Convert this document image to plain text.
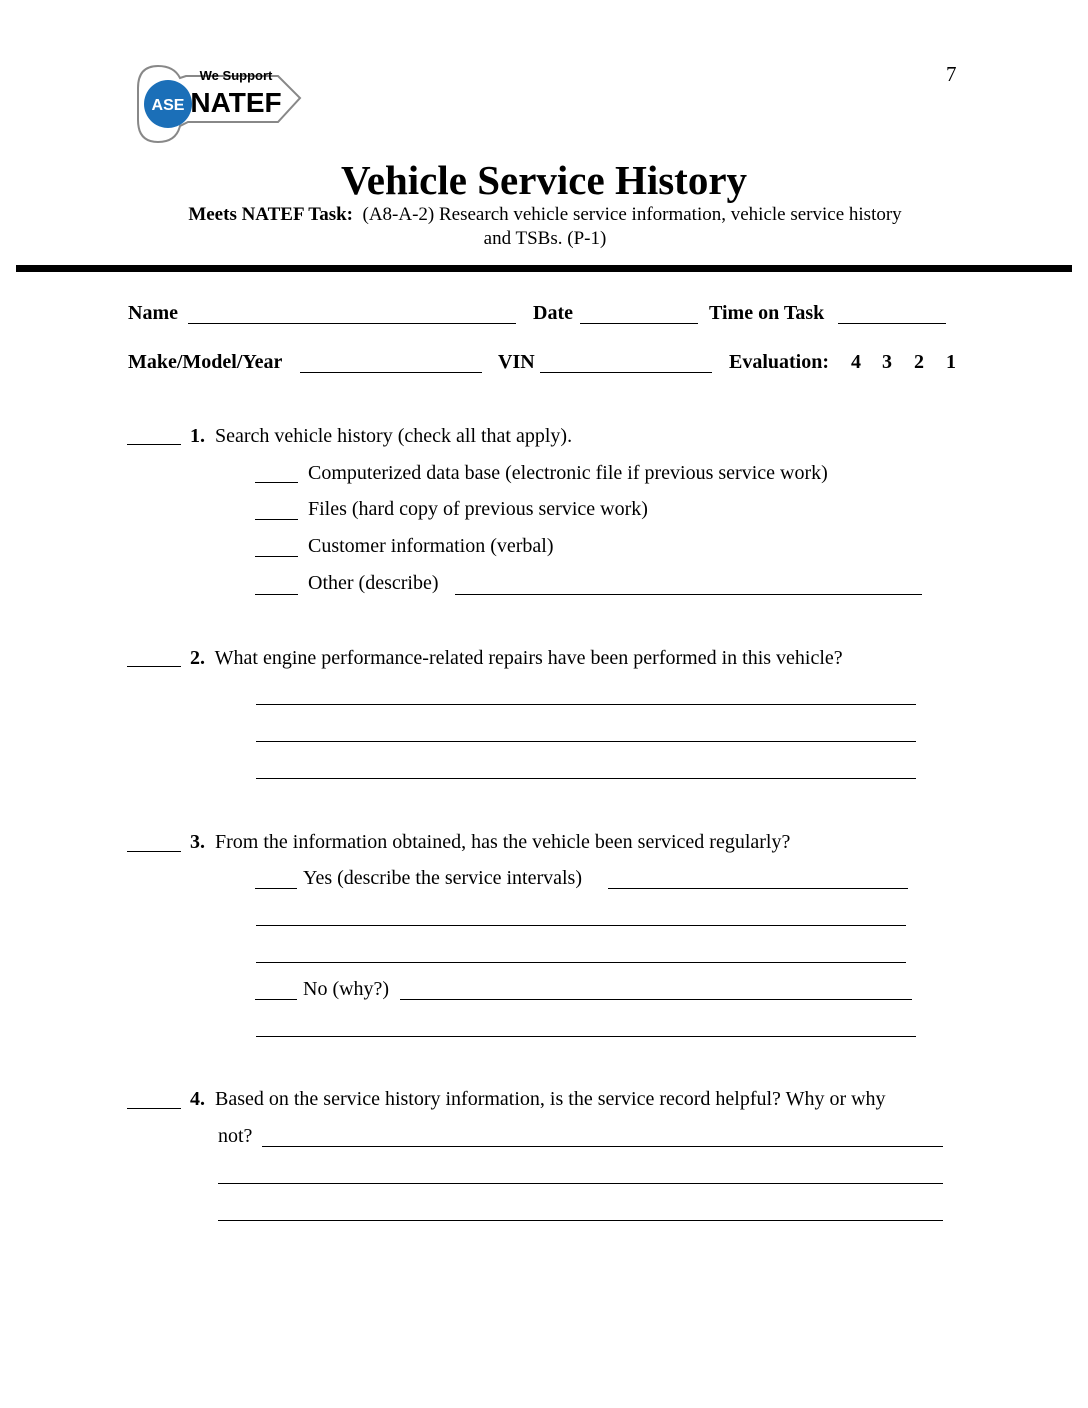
ASE
We Support
NATEF
7
Vehicle Service History
Meets NATEF Task: (A8-A-2) Research vehicle service information, vehicle service history
and TSBs. (P-1)
Name	Date	Time on Task
Make/Model/Year	VIN	Evaluation: 4 3 2 1
1. Search vehicle history (check all that apply).
Computerized data base (electronic file if previous service work)
Files (hard copy of previous service work)
Customer information (verbal)
Other (describe)
2. What engine performance-related repairs have been performed in this vehicle?
3. From the information obtained, has the vehicle been serviced regularly?
Yes (describe the service intervals)
No (why?)
4. Based on the service history information, is the service record helpful? Why or why
not?
